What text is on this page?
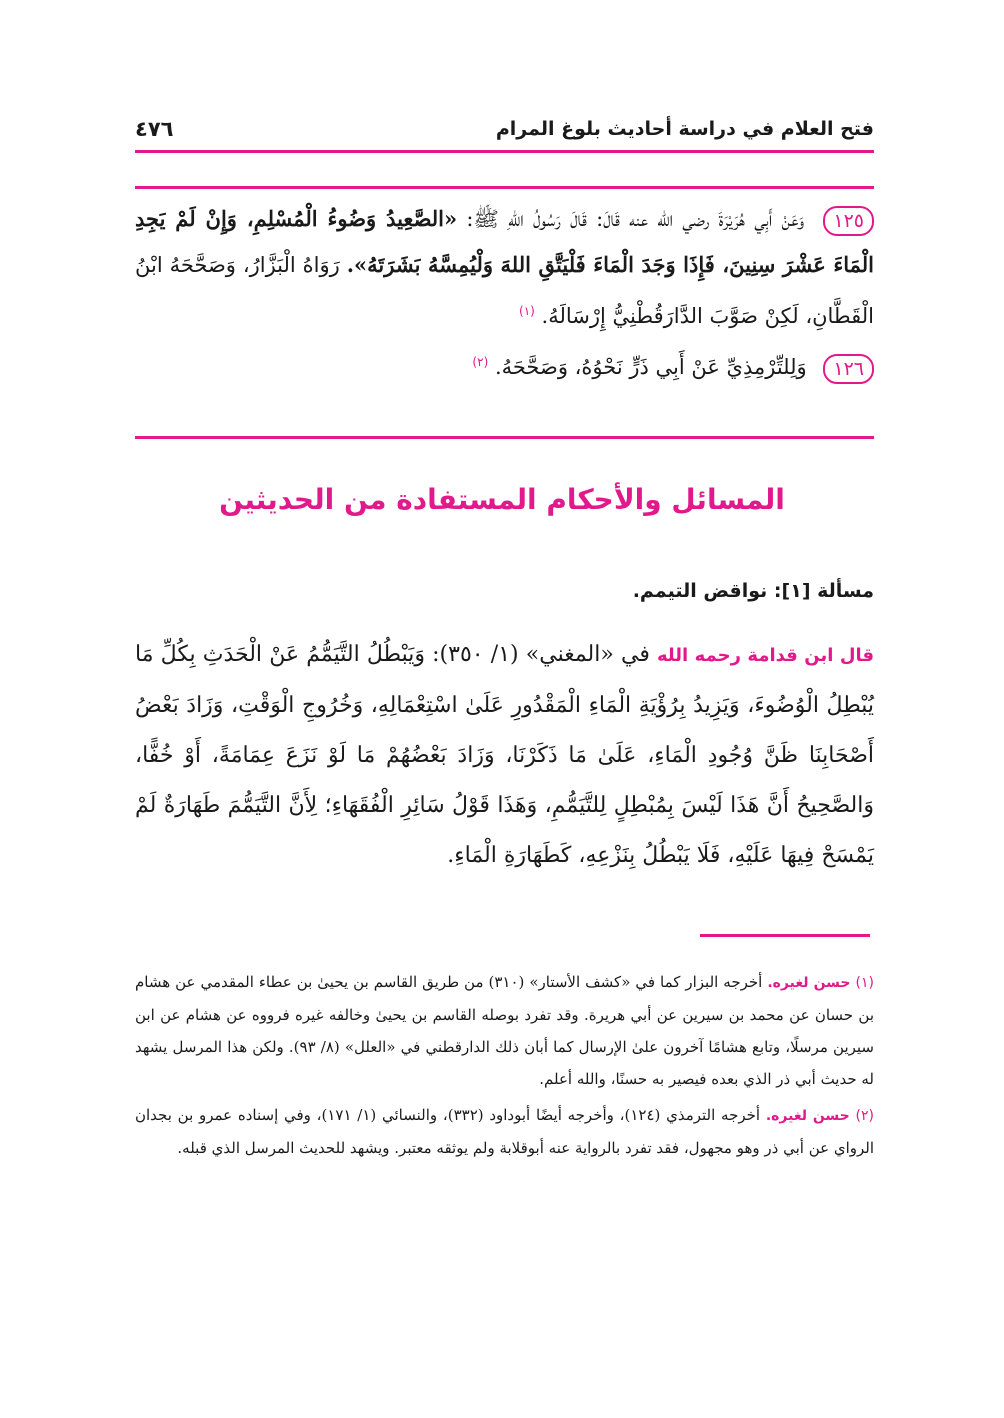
فتح العلام في دراسة أحاديث بلوغ المرام
٤٧٦

١٢٥ وَعَنْ أَبِي هُرَيْرَةَ رضي الله عنه قَالَ: قَالَ رَسُولُ اللهِ ﷺ: «الصَّعِيدُ وَضُوءُ الْمُسْلِمِ، وَإِنْ لَمْ يَجِدِ الْمَاءَ عَشْرَ سِنِينَ، فَإِذَا وَجَدَ الْمَاءَ فَلْيَتَّقِ اللهَ وَلْيُمِسَّهُ بَشَرَتَهُ». رَوَاهُ الْبَزَّارُ، وَصَحَّحَهُ ابْنُ الْقَطَّانِ، لَكِنْ صَوَّبَ الدَّارَقُطْنِيُّ إِرْسَالَهُ. $^{(١)}$

١٢٦ وَلِلتِّرْمِذِيِّ عَنْ أَبِي ذَرٍّ نَحْوُهُ، وَصَحَّحَهُ. $^{(٢)}$

المسائل والأحكام المستفادة من الحديثين
مسألة [١]: نواقض التيمم.

قال ابن قدامة رحمه الله في «المغني» (١/ ٣٥٠): وَيَبْطُلُ التَّيَمُّمُ عَنْ الْحَدَثِ بِكُلِّ مَا يُبْطِلُ الْوُضُوءَ، وَيَزِيدُ بِرُؤْيَةِ الْمَاءِ الْمَقْدُورِ عَلَىٰ اسْتِعْمَالِهِ، وَخُرُوجِ الْوَقْتِ، وَزَادَ بَعْضُ أَصْحَابِنَا ظَنَّ وُجُودِ الْمَاءِ، عَلَىٰ مَا ذَكَرْنَا، وَزَادَ بَعْضُهُمْ مَا لَوْ نَزَعَ عِمَامَةً، أَوْ خُفًّا، وَالصَّحِيحُ أَنَّ هَذَا لَيْسَ بِمُبْطِلٍ لِلتَّيَمُّمِ، وَهَذَا قَوْلُ سَائِرِ الْفُقَهَاءِ؛ لِأَنَّ التَّيَمُّمَ طَهَارَةٌ لَمْ يَمْسَحْ فِيهَا عَلَيْهِ، فَلَا يَبْطُلُ بِنَزْعِهِ، كَطَهَارَةِ الْمَاءِ.

(١) حسن لغيره. أخرجه البزار كما في «كشف الأستار» (٣١٠) من طريق القاسم بن يحيىٰ بن عطاء المقدمي عن هشام بن حسان عن محمد بن سيرين عن أبي هريرة. وقد تفرد بوصله القاسم بن يحيىٰ وخالفه غيره فرووه عن هشام عن ابن سيرين مرسلًا، وتابع هشامًا آخرون علىٰ الإرسال كما أبان ذلك الدارقطني في «العلل» (٨/ ٩٣). ولكن هذا المرسل يشهد له حديث أبي ذر الذي بعده فيصير به حسنًا، والله أعلم.

(٢) حسن لغيره. أخرجه الترمذي (١٢٤)، وأخرجه أيضًا أبوداود (٣٣٢)، والنسائي (١/ ١٧١)، وفي إسناده عمرو بن بجدان الرواي عن أبي ذر وهو مجهول، فقد تفرد بالرواية عنه أبوقلابة ولم يوثقه معتبر. ويشهد للحديث المرسل الذي قبله.
